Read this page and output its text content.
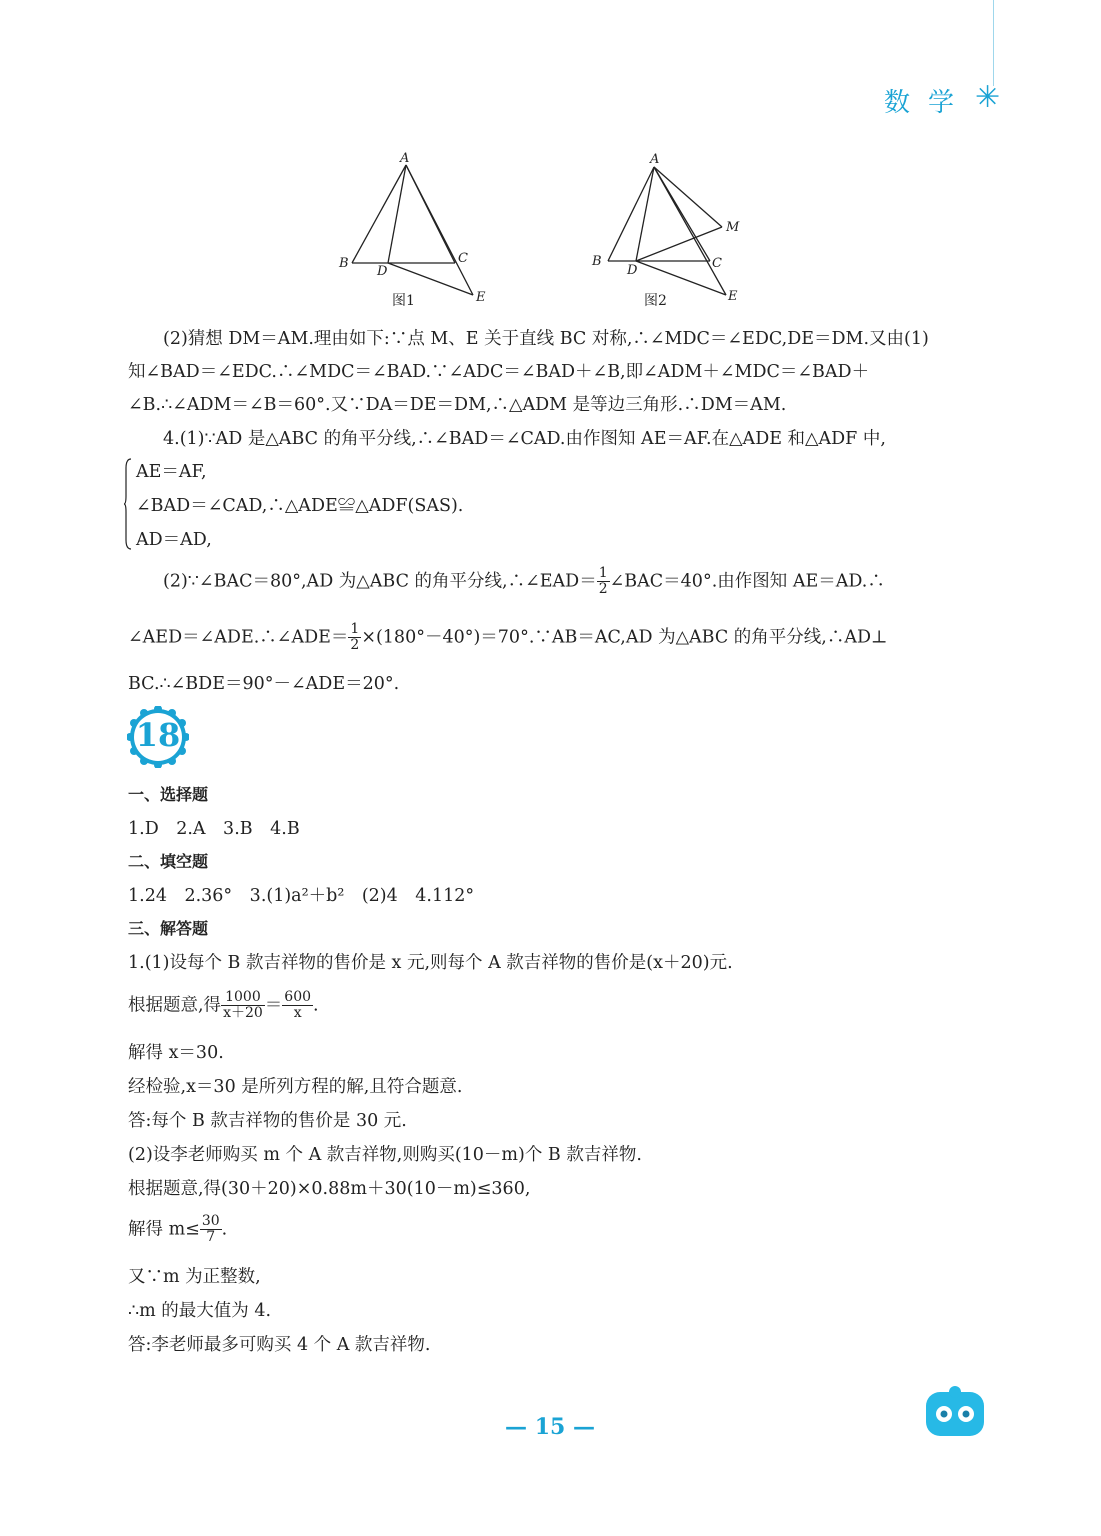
数学 ✳
A
B	C
D
E
图1
A
B	C
D
E
M
图2
(2)猜想 DM＝AM.理由如下:∵点 M、E 关于直线 BC 对称,∴∠MDC＝∠EDC,DE＝DM.又由(1)
知∠BAD＝∠EDC.∴∠MDC＝∠BAD.∵∠ADC＝∠BAD＋∠B,即∠ADM＋∠MDC＝∠BAD＋
∠B.∴∠ADM＝∠B＝60°.又∵DA＝DE＝DM,∴△ADM 是等边三角形.∴DM＝AM.
4.(1)∵AD 是△ABC 的角平分线,∴∠BAD＝∠CAD.由作图知 AE＝AF.在△ADE 和△ADF 中,
AE＝AF,
∠BAD＝∠CAD,∴△ADE≌△ADF(SAS).
AD＝AD,
(2)∵∠BAC＝80°,AD 为△ABC 的角平分线,∴∠EAD＝ $\frac{1}{2}$ ∠BAC＝40°.由作图知 AE＝AD.∴
∠AED＝∠ADE.∴∠ADE＝ $\frac{1}{2}$ ×(180°－40°)＝70°.∵AB＝AC,AD 为△ABC 的角平分线,∴AD⊥
BC.∴∠BDE＝90°－∠ADE＝20°.
18
一、选择题
1.D　2.A　3.B　4.B
二、填空题
1.24　2.36°　3.(1)a²＋b²　(2)4　4.112°
三、解答题
1.(1)设每个 B 款吉祥物的售价是 x 元,则每个 A 款吉祥物的售价是(x＋20)元.
根据题意,得 $\frac{1000}{x+20} = \frac{600}{x}$ .
解得 x＝30.
经检验,x＝30 是所列方程的解,且符合题意.
答:每个 B 款吉祥物的售价是 30 元.
(2)设李老师购买 m 个 A 款吉祥物,则购买(10－m)个 B 款吉祥物.
根据题意,得(30＋20)×0.88m＋30(10－m)≤360,
解得 $m\le \frac{30}{7}$ .
又∵m 为正整数,
∴m 的最大值为 4.
答:李老师最多可购买 4 个 A 款吉祥物.
— 15 —
